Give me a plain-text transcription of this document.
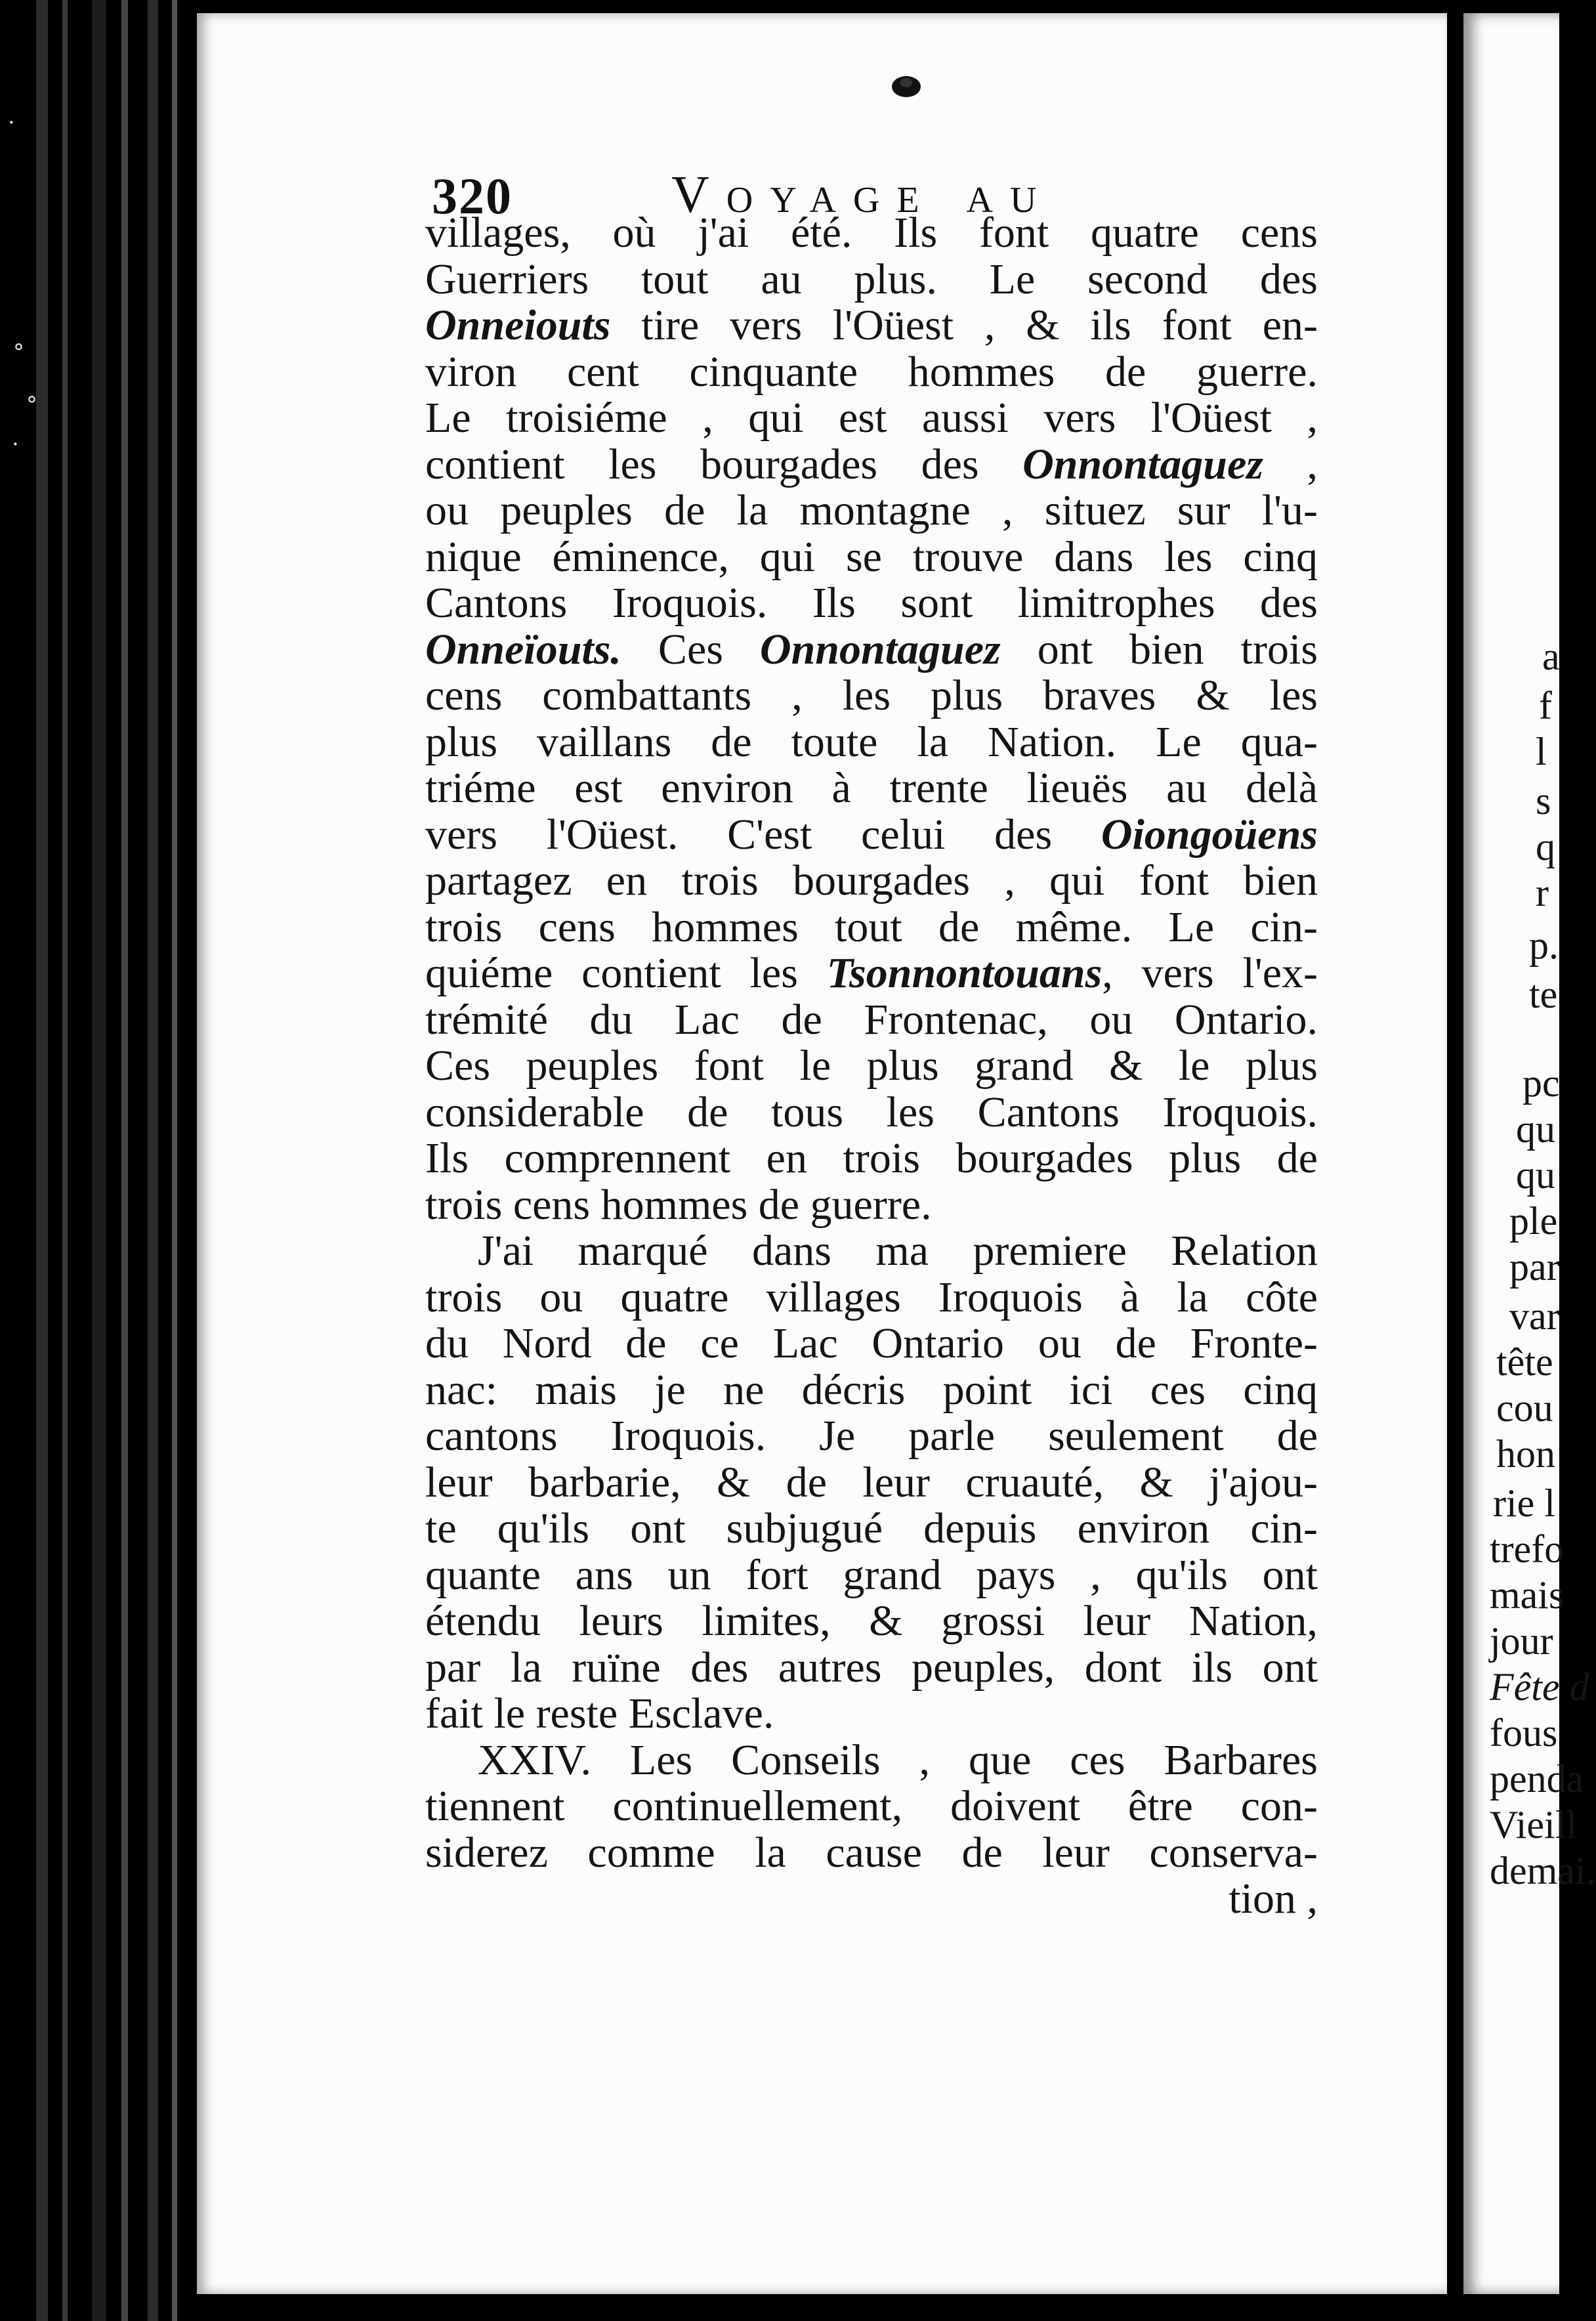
·
°
°
·
320	Voyage au
villages, où j'ai été. Ils font quatre cens
Guerriers tout au plus. Le second des
Onneiouts tire vers l'Oüest , & ils font en-
viron cent cinquante hommes de guerre.
Le troisiéme , qui est aussi vers l'Oüest ,
contient les bourgades des Onnontaguez ,
ou peuples de la montagne , situez sur l'u-
nique éminence, qui se trouve dans les cinq
Cantons Iroquois. Ils sont limitrophes des
Onneïouts. Ces Onnontaguez ont bien trois
cens combattants , les plus braves & les
plus vaillans de toute la Nation. Le qua-
triéme est environ à trente lieuës au delà
vers l'Oüest. C'est celui des Oiongoüens
partagez en trois bourgades , qui font bien
trois cens hommes tout de même. Le cin-
quiéme contient les Tsonnontouans, vers l'ex-
trémité du Lac de Frontenac, ou Ontario.
Ces peuples font le plus grand & le plus
considerable de tous les Cantons Iroquois.
Ils comprennent en trois bourgades plus de
trois cens hommes de guerre.
J'ai marqué dans ma premiere Relation
trois ou quatre villages Iroquois à la côte
du Nord de ce Lac Ontario ou de Fronte-
nac: mais je ne décris point ici ces cinq
cantons Iroquois. Je parle seulement de
leur barbarie, & de leur cruauté, & j'ajou-
te qu'ils ont subjugué depuis environ cin-
quante ans un fort grand pays , qu'ils ont
étendu leurs limites, & grossi leur Nation,
par la ruïne des autres peuples, dont ils ont
fait le reste Esclave.
XXIV. Les Conseils , que ces Barbares
tiennent continuellement, doivent être con-
siderez comme la cause de leur conserva-
tion ,
a
f
l
s
q
r
p.
te
pc
qu
qu
ple
par
var
tête
cou
hon
rie l
trefo
mais
jour
Fête d
fous
penda
Vieill
demai.
